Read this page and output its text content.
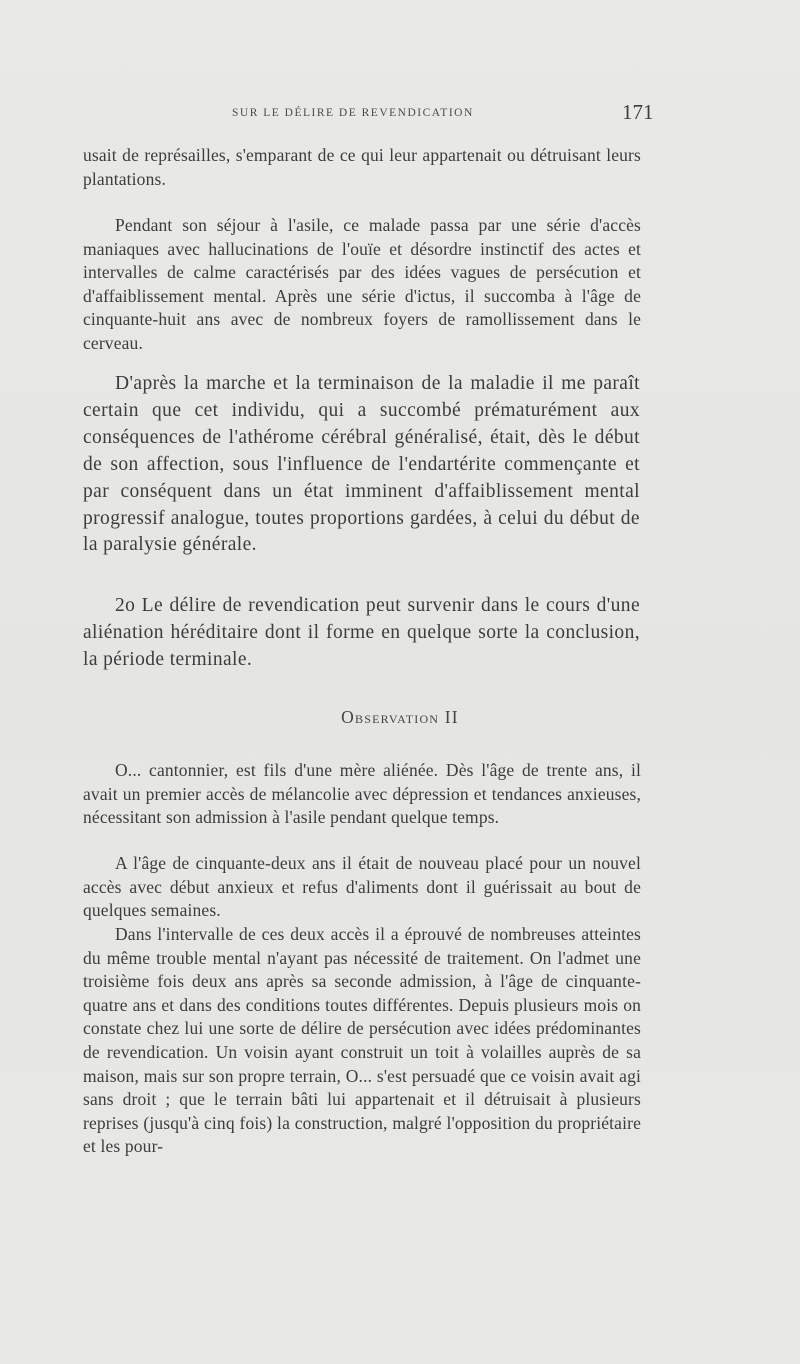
SUR LE DÉLIRE DE REVENDICATION	171

usait de représailles, s'emparant de ce qui leur appartenait ou détruisant leurs plantations.

Pendant son séjour à l'asile, ce malade passa par une série d'accès maniaques avec hallucinations de l'ouïe et désordre instinctif des actes et intervalles de calme caractérisés par des idées vagues de persécution et d'affaiblissement mental. Après une série d'ictus, il succomba à l'âge de cinquante-huit ans avec de nombreux foyers de ramollissement dans le cerveau.

D'après la marche et la terminaison de la maladie il me paraît certain que cet individu, qui a succombé prématurément aux conséquences de l'athérome cérébral généralisé, était, dès le début de son affection, sous l'influence de l'endartérite commençante et par conséquent dans un état imminent d'affaiblissement mental progressif analogue, toutes proportions gardées, à celui du début de la paralysie générale.

2o Le délire de revendication peut survenir dans le cours d'une aliénation héréditaire dont il forme en quelque sorte la conclusion, la période terminale.

Observation II

O... cantonnier, est fils d'une mère aliénée. Dès l'âge de trente ans, il avait un premier accès de mélancolie avec dépression et tendances anxieuses, nécessitant son admission à l'asile pendant quelque temps.

A l'âge de cinquante-deux ans il était de nouveau placé pour un nouvel accès avec début anxieux et refus d'aliments dont il guérissait au bout de quelques semaines.

Dans l'intervalle de ces deux accès il a éprouvé de nombreuses atteintes du même trouble mental n'ayant pas nécessité de traitement. On l'admet une troisième fois deux ans après sa seconde admission, à l'âge de cinquante-quatre ans et dans des conditions toutes différentes. Depuis plusieurs mois on constate chez lui une sorte de délire de persécution avec idées prédominantes de revendication. Un voisin ayant construit un toit à volailles auprès de sa maison, mais sur son propre terrain, O... s'est persuadé que ce voisin avait agi sans droit ; que le terrain bâti lui appartenait et il détruisait à plusieurs reprises (jusqu'à cinq fois) la construction, malgré l'opposition du propriétaire et les pour-
